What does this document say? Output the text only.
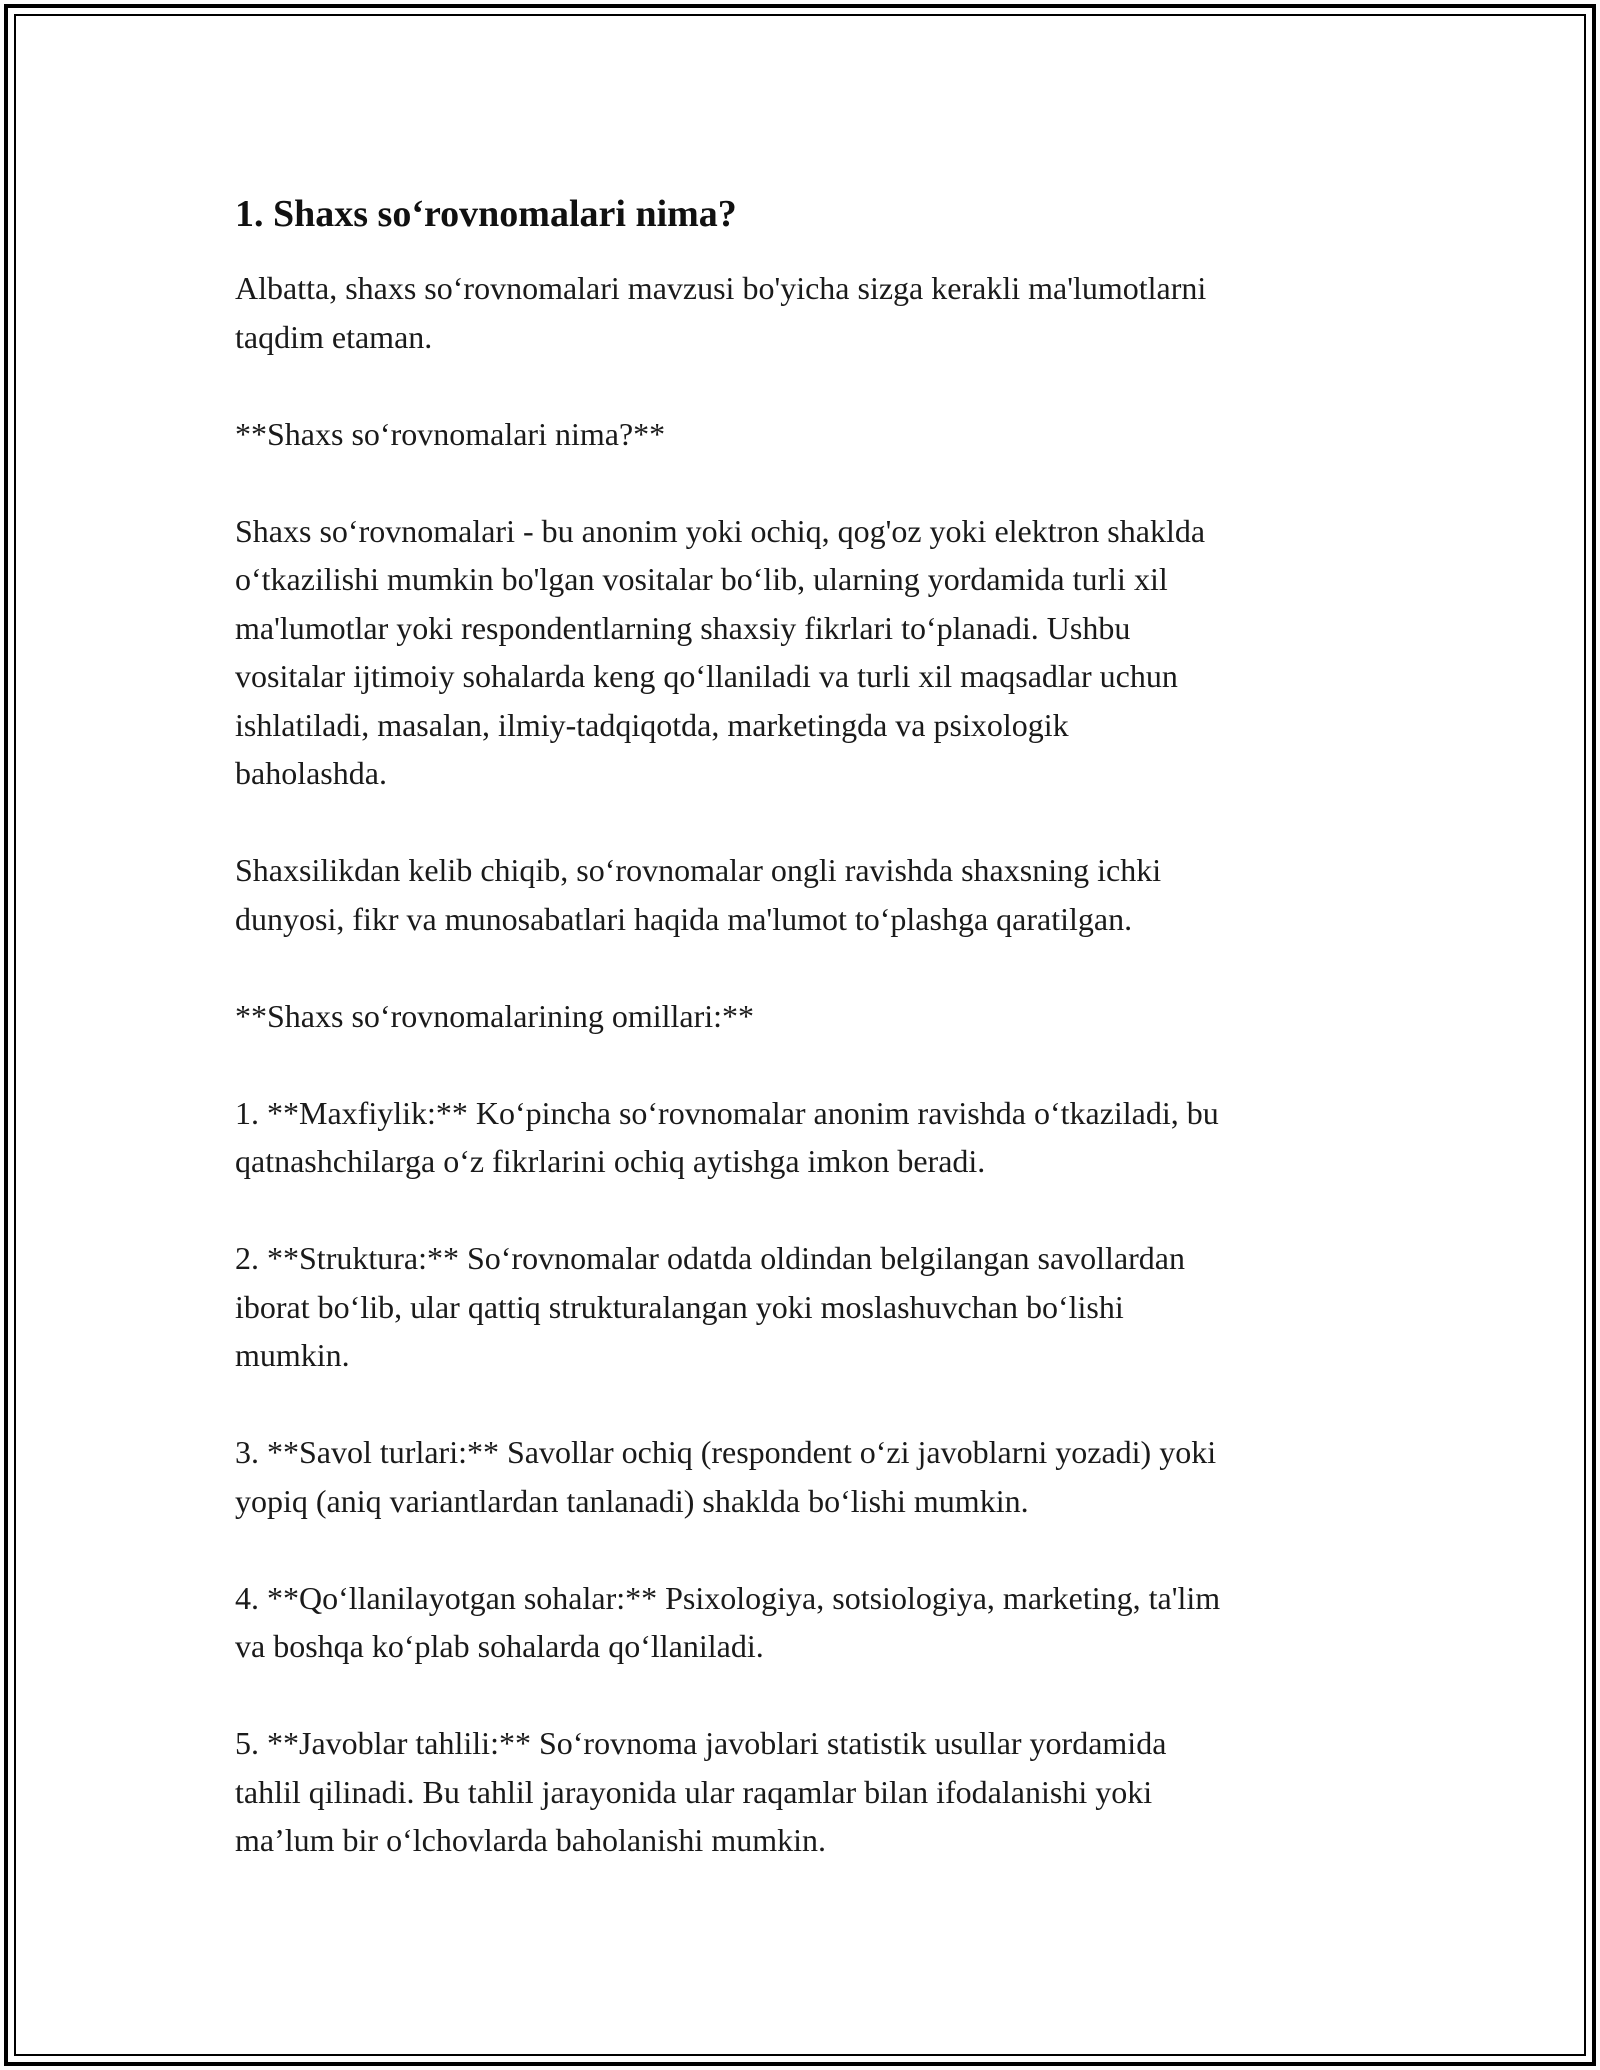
1. Shaxs so‘rovnomalari nima?

Albatta, shaxs so‘rovnomalari mavzusi bo'yicha sizga kerakli ma'lumotlarni
taqdim etaman.

**Shaxs so‘rovnomalari nima?**

Shaxs so‘rovnomalari - bu anonim yoki ochiq, qog'oz yoki elektron shaklda
o‘tkazilishi mumkin bo'lgan vositalar bo‘lib, ularning yordamida turli xil
ma'lumotlar yoki respondentlarning shaxsiy fikrlari to‘planadi. Ushbu
vositalar ijtimoiy sohalarda keng qo‘llaniladi va turli xil maqsadlar uchun
ishlatiladi, masalan, ilmiy-tadqiqotda, marketingda va psixologik
baholashda.

Shaxsilikdan kelib chiqib, so‘rovnomalar ongli ravishda shaxsning ichki
dunyosi, fikr va munosabatlari haqida ma'lumot to‘plashga qaratilgan.

**Shaxs so‘rovnomalarining omillari:**

1. **Maxfiylik:** Ko‘pincha so‘rovnomalar anonim ravishda o‘tkaziladi, bu
qatnashchilarga o‘z fikrlarini ochiq aytishga imkon beradi.

2. **Struktura:** So‘rovnomalar odatda oldindan belgilangan savollardan
iborat bo‘lib, ular qattiq strukturalangan yoki moslashuvchan bo‘lishi
mumkin.

3. **Savol turlari:** Savollar ochiq (respondent o‘zi javoblarni yozadi) yoki
yopiq (aniq variantlardan tanlanadi) shaklda bo‘lishi mumkin.

4. **Qo‘llanilayotgan sohalar:** Psixologiya, sotsiologiya, marketing, ta'lim
va boshqa ko‘plab sohalarda qo‘llaniladi.

5. **Javoblar tahlili:** So‘rovnoma javoblari statistik usullar yordamida
tahlil qilinadi. Bu tahlil jarayonida ular raqamlar bilan ifodalanishi yoki
ma’lum bir o‘lchovlarda baholanishi mumkin.
